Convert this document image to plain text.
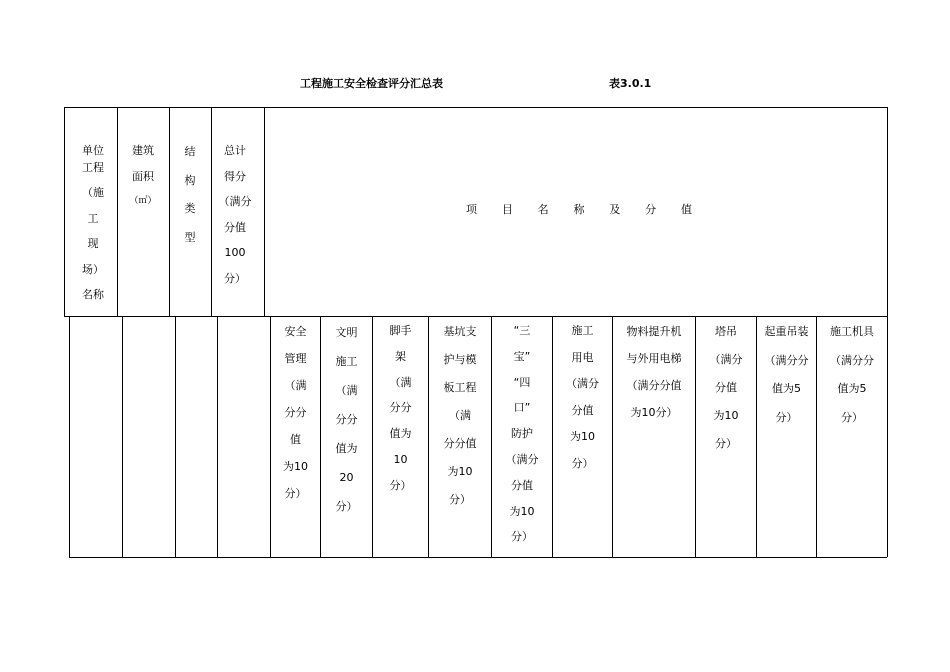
工程施工安全检查评分汇总表	表3.0.1
单位
工程
（施
工
现
场）
名称
建筑
面积
（㎡）
结
构
类
型
总计
得分
（满分
分值
100
分）
项 目 名 称 及 分 值
安全
管理
（满
分分
值
为10
分）
文明
施工
（满
分分
值为
20
分）
脚手
架
（满
分分
值为
10
分）
基坑支
护与模
板工程
（满
分分值
为10
分）
“三
宝”
“四
口”
防护
（满分
分值
为10
分）
施工
用电
（满分
分值
为10
分）
物料提升机
与外用电梯
（满分分值
为10分）
塔吊
（满分
分值
为10
分）
起重吊装
（满分分
值为5
分）
施工机具
（满分分
值为5
分）
